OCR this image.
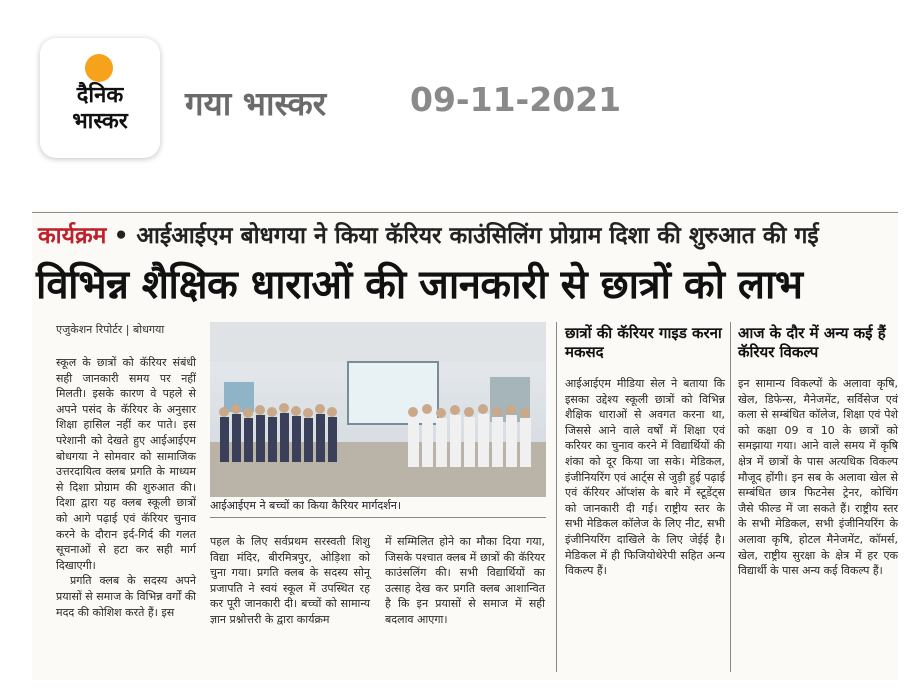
दैनिक
भास्कर	गया भास्कर	09-11-2021
कार्यक्रम • आईआईएम बोधगया ने किया कॅरियर काउंसिलिंग प्रोग्राम दिशा की शुरुआत की गई
विभिन्न शैक्षिक धाराओं की जानकारी से छात्रों को लाभ
एजुकेशन रिपोर्टर | बोधगया

स्कूल के छात्रों को कॅरियर संबंधी सही जानकारी समय पर नहीं मिलती। इसके कारण वे पहले से अपने पसंद के कॅरियर के अनुसार शिक्षा हासिल नहीं कर पाते। इस परेशानी को देखते हुए आईआईएम बोधगया ने सोमवार को सामाजिक उत्तरदायित्व क्लब प्रगति के माध्यम से दिशा प्रोग्राम की शुरुआत की। दिशा द्वारा यह क्लब स्कूली छात्रों को आगे पढ़ाई एवं कॅरियर चुनाव करने के दौरान इर्द-गिर्द की गलत सूचनाओं से हटा कर सही मार्ग दिखाएगी।

प्रगति क्लब के सदस्य अपने प्रयासों से समाज के विभिन्न वर्गों की मदद की कोशिश करते हैं। इस

आईआईएम ने बच्चों का किया कैरियर मार्गदर्शन।
पहल के लिए सर्वप्रथम सरस्वती शिशु विद्या मंदिर, बीरमित्रपुर, ओड़िशा को चुना गया। प्रगति क्लब के सदस्य सोनू प्रजापति ने स्वयं स्कूल में उपस्थित रह कर पूरी जानकारी दी। बच्चों को सामान्य ज्ञान प्रश्नोत्तरी के द्वारा कार्यक्रम
में सम्मिलित होने का मौका दिया गया, जिसके पश्चात क्लब में छात्रों की कॅरियर काउंसलिंग की। सभी विद्यार्थियों का उत्साह देख कर प्रगति क्लब आशान्वित है कि इन प्रयासों से समाज में सही बदलाव आएगा।
छात्रों की कॅरियर गाइड करना मकसद
आईआईएम मीडिया सेल ने बताया कि इसका उद्देश्य स्कूली छात्रों को विभिन्न शैक्षिक धाराओं से अवगत करना था, जिससे आने वाले वर्षों में शिक्षा एवं करियर का चुनाव करने में विद्यार्थियों की शंका को दूर किया जा सके। मेडिकल, इंजीनियरिंग एवं आर्ट्स से जुड़ी हुई पढ़ाई एवं कॅरियर ऑप्शंस के बारे में स्टूडेंट्स को जानकारी दी गई। राष्ट्रीय स्तर के सभी मेडिकल कॉलेज के लिए नीट, सभी इंजीनियरिंग दाखिले के लिए जेईई है। मेडिकल में ही फिजियोथेरेपी सहित अन्य विकल्प हैं।
आज के दौर में अन्य कई हैं कॅरियर विकल्प
इन सामान्य विकल्पों के अलावा कृषि, खेल, डिफेन्स, मैनेजमेंट, सर्विसेज एवं कला से सम्बंधित कॉलेज, शिक्षा एवं पेशे को कक्षा 09 व 10 के छात्रों को समझाया गया। आने वाले समय में कृषि क्षेत्र में छात्रों के पास अत्यधिक विकल्प मौजूद होंगी। इन सब के अलावा खेल से सम्बंधित छात्र फिटनेस ट्रेनर, कोचिंग जैसे फील्ड में जा सकते हैं। राष्ट्रीय स्तर के सभी मेडिकल, सभी इंजीनियरिंग के अलावा कृषि, होटल मैनेजमेंट, कॉमर्स, खेल, राष्ट्रीय सुरक्षा के क्षेत्र में हर एक विद्यार्थी के पास अन्य कई विकल्प हैं।
